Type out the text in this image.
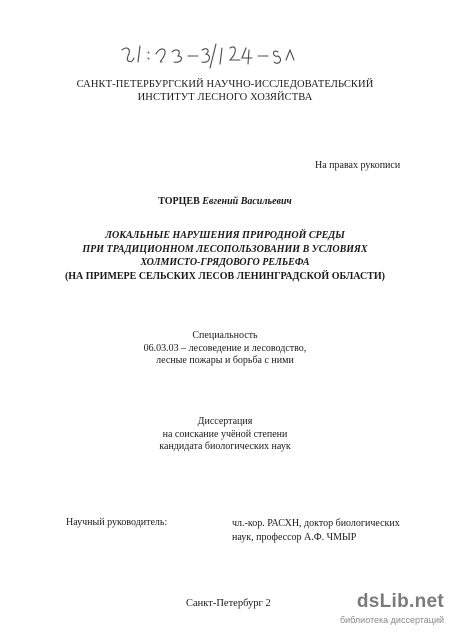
САНКТ-ПЕТЕРБУРГСКИЙ НАУЧНО-ИССЛЕДОВАТЕЛЬСКИЙ
ИНСТИТУТ ЛЕСНОГО ХОЗЯЙСТВА
На правах рукописи
ТОРЦЕВ Евгений Васильевич
ЛОКАЛЬНЫЕ НАРУШЕНИЯ ПРИРОДНОЙ СРЕДЫ
ПРИ ТРАДИЦИОННОМ ЛЕСОПОЛЬЗОВАНИИ В УСЛОВИЯХ
ХОЛМИСТО-ГРЯДОВОГО РЕЛЬЕФА
(НА ПРИМЕРЕ СЕЛЬСКИХ ЛЕСОВ ЛЕНИНГРАДСКОЙ ОБЛАСТИ)
Специальность
06.03.03 – лесоведение и лесоводство,
лесные пожары и борьба с ними
Диссертация
на соискание учёной степени
кандидата биологических наук
Научный руководитель:	чл.-кор. РАСХН, доктор биологических
наук, профессор А.Ф. ЧМЫР
Санкт-Петербург 2	dsLib.net
библиотека диссертаций
